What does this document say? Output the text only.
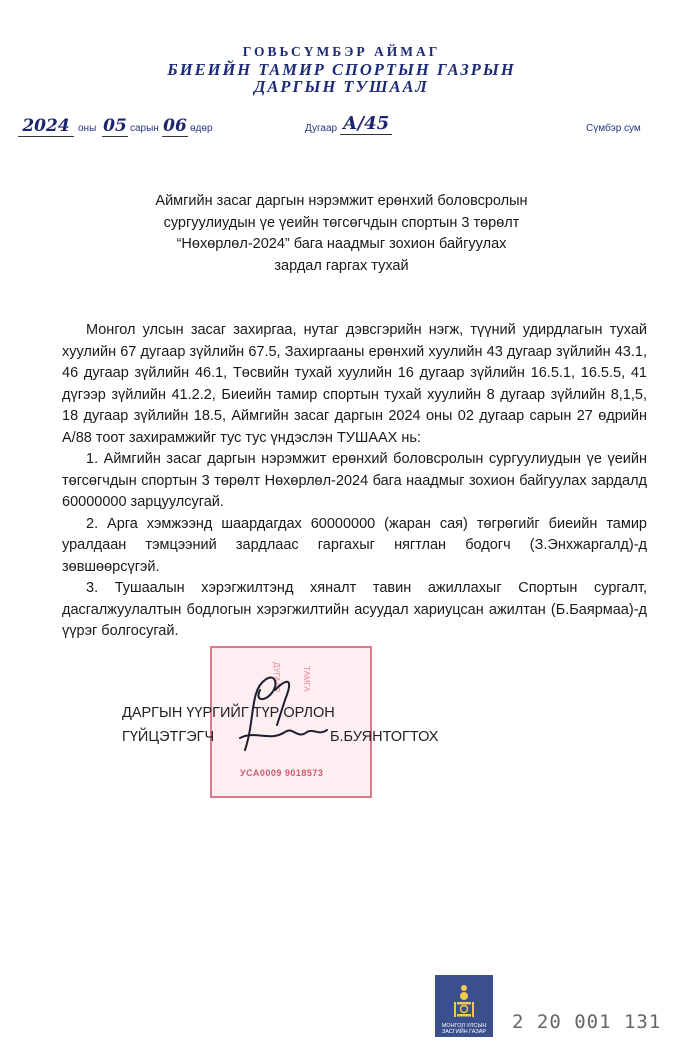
ГОВЬСҮМБЭР АЙМАГ
БИЕИЙН ТАМИР СПОРТЫН ГАЗРЫН
ДАРГЫН ТУШААЛ
2024 оны 05 сарын 06 өдөр	Дугаар А/45	Сүмбэр сум
Аймгийн засаг даргын нэрэмжит ерөнхий боловсролын
сургуулиудын үе үеийн төгсөгчдын спортын 3 төрөлт
“Нөхөрлөл-2024” бага наадмыг зохион байгуулах
зардал гаргах тухай

Монгол улсын засаг захиргаа, нутаг дэвсгэрийн нэгж, түүний удирдлагын тухай хуулийн 67 дугаар зүйлийн 67.5, Захиргааны ерөнхий хуулийн 43 дугаар зүйлийн 43.1, 46 дугаар зүйлийн 46.1, Төсвийн тухай хуулийн 16 дугаар зүйлийн 16.5.1, 16.5.5, 41 дүгээр зүйлийн 41.2.2, Биеийн тамир спортын тухай хуулийн 8 дугаар зүйлийн 8,1,5, 18 дугаар зүйлийн 18.5, Аймгийн засаг даргын 2024 оны 02 дугаар сарын 27 өдрийн А/88 тоот захирамжийг тус тус үндэслэн ТУШААХ нь:

1. Аймгийн засаг даргын нэрэмжит ерөнхий боловсролын сургуулиудын үе үеийн төгсөгчдын спортын 3 төрөлт Нөхөрлөл-2024 бага наадмыг зохион байгуулах зардалд 60000000 зарцуулсугай.

2. Арга хэмжээнд шаардагдах 60000000 (жаран сая) төгрөгийг биеийн тамир уралдаан тэмцээний зардлаас гаргахыг нягтлан бодогч (З.Энхжаргалд)-д зөвшөөрсүгэй.

3. Тушаалын хэрэгжилтэнд хяналт тавин ажиллахыг Спортын сургалт, дасгалжуулалтын бодлогын хэрэгжилтийн асуудал хариуцсан ажилтан (Б.Баярмаа)-д үүрэг болгосугай.

ДУГААР	ТАМГА
УСА0009 9018573
ДАРГЫН ҮҮРГИЙГ ТҮР ОРЛОН
ГҮЙЦЭТГЭГЧ	Б.БУЯНТОГТОХ
МОНГОЛ УЛСЫН
ЗАСГИЙН ГАЗАР	2 20 001 131
